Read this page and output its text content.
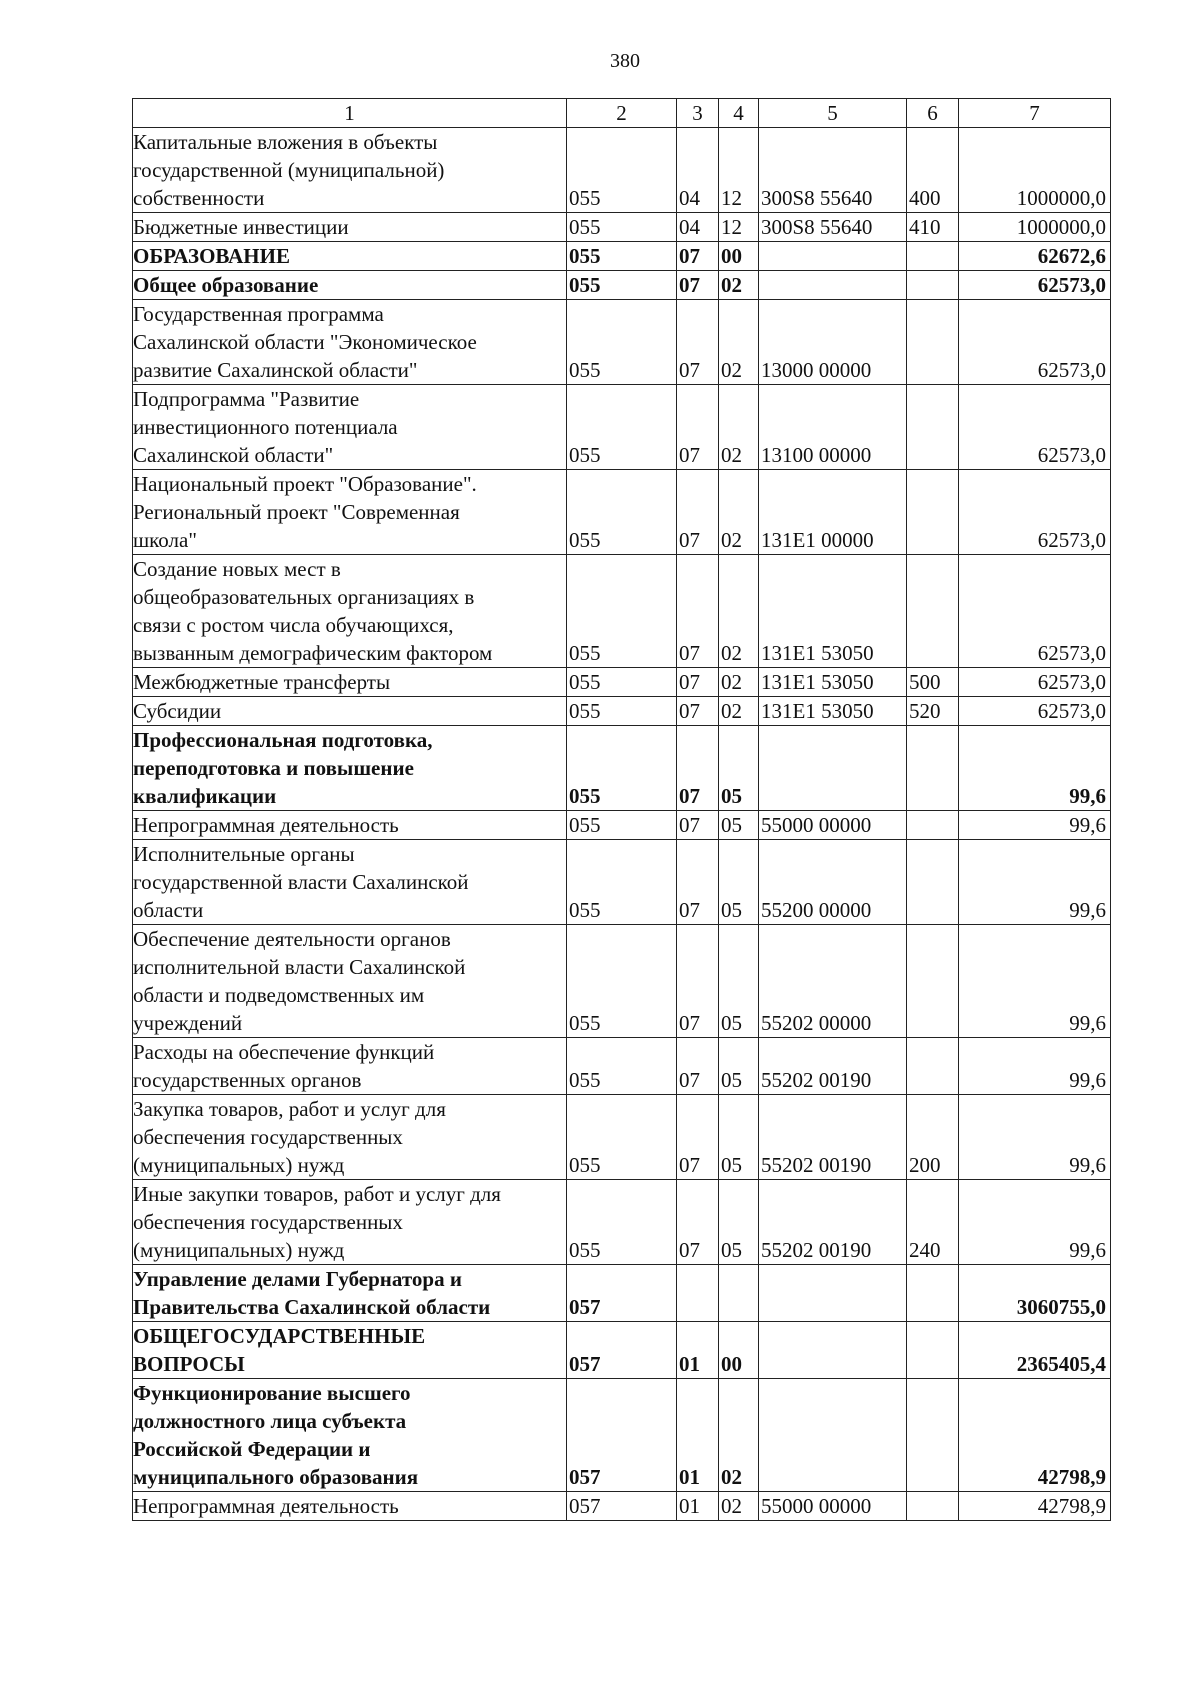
380
1	2	3	4	5	6	7

Капитальные вложения в объекты
государственной (муниципальной)
собственности	055	04	12	300S8 55640	400	1000000,0

Бюджетные инвестиции	055	04	12	300S8 55640	410	1000000,0

ОБРАЗОВАНИЕ	055	07	00			62672,6

Общее образование	055	07	02			62573,0

Государственная программа
Сахалинской области "Экономическое
развитие Сахалинской области"	055	07	02	13000 00000		62573,0

Подпрограмма "Развитие
инвестиционного потенциала
Сахалинской области"	055	07	02	13100 00000		62573,0

Национальный проект "Образование".
Региональный проект "Современная
школа"	055	07	02	131E1 00000		62573,0

Создание новых мест в
общеобразовательных организациях в
связи с ростом числа обучающихся,
вызванным демографическим фактором	055	07	02	131E1 53050		62573,0

Межбюджетные трансферты	055	07	02	131E1 53050	500	62573,0

Субсидии	055	07	02	131E1 53050	520	62573,0

Профессиональная подготовка,
переподготовка и повышение
квалификации	055	07	05			99,6

Непрограммная деятельность	055	07	05	55000 00000		99,6

Исполнительные органы
государственной власти Сахалинской
области	055	07	05	55200 00000		99,6

Обеспечение деятельности органов
исполнительной власти Сахалинской
области и подведомственных им
учреждений	055	07	05	55202 00000		99,6

Расходы на обеспечение функций
государственных органов	055	07	05	55202 00190		99,6

Закупка товаров, работ и услуг для
обеспечения государственных
(муниципальных) нужд	055	07	05	55202 00190	200	99,6

Иные закупки товаров, работ и услуг для
обеспечения государственных
(муниципальных) нужд	055	07	05	55202 00190	240	99,6

Управление делами Губернатора и
Правительства Сахалинской области	057					3060755,0

ОБЩЕГОСУДАРСТВЕННЫЕ
ВОПРОСЫ	057	01	00			2365405,4

Функционирование высшего
должностного лица субъекта
Российской Федерации и
муниципального образования	057	01	02			42798,9

Непрограммная деятельность	057	01	02	55000 00000		42798,9
